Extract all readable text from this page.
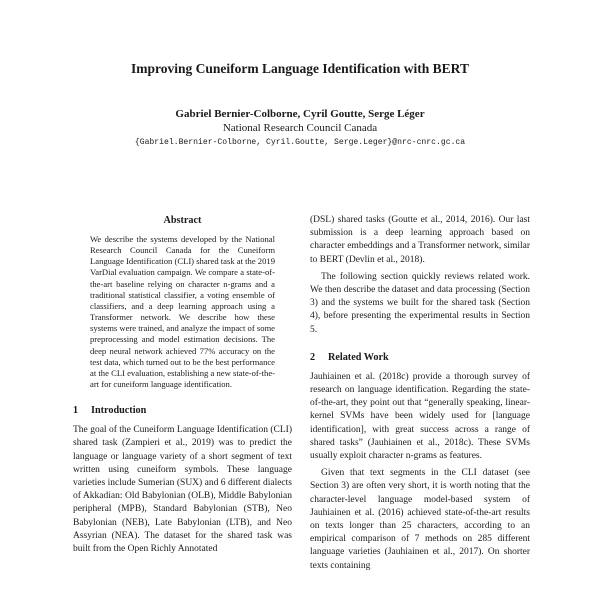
Improving Cuneiform Language Identification with BERT
Gabriel Bernier-Colborne, Cyril Goutte, Serge Léger
National Research Council Canada
{Gabriel.Bernier-Colborne, Cyril.Goutte, Serge.Leger}@nrc-cnrc.gc.ca
Abstract

We describe the systems developed by the National Research Council Canada for the Cuneiform Language Identification (CLI) shared task at the 2019 VarDial evaluation campaign. We compare a state-of-the-art baseline relying on character n-grams and a traditional statistical classifier, a voting ensemble of classifiers, and a deep learning approach using a Transformer network. We describe how these systems were trained, and analyze the impact of some preprocessing and model estimation decisions. The deep neural network achieved 77% accuracy on the test data, which turned out to be the best performance at the CLI evaluation, establishing a new state-of-the-art for cuneiform language identification.

1 Introduction

The goal of the Cuneiform Language Identification (CLI) shared task (Zampieri et al., 2019) was to predict the language or language variety of a short segment of text written using cuneiform symbols. These language varieties include Sumerian (SUX) and 6 different dialects of Akkadian: Old Babylonian (OLB), Middle Babylonian peripheral (MPB), Standard Babylonian (STB), Neo Babylonian (NEB), Late Babylonian (LTB), and Neo Assyrian (NEA). The dataset for the shared task was built from the Open Richly Annotated

(DSL) shared tasks (Goutte et al., 2014, 2016). Our last submission is a deep learning approach based on character embeddings and a Transformer network, similar to BERT (Devlin et al., 2018).

The following section quickly reviews related work. We then describe the dataset and data processing (Section 3) and the systems we built for the shared task (Section 4), before presenting the experimental results in Section 5.

2 Related Work

Jauhiainen et al. (2018c) provide a thorough survey of research on language identification. Regarding the state-of-the-art, they point out that “generally speaking, linear-kernel SVMs have been widely used for [language identification], with great success across a range of shared tasks” (Jauhiainen et al., 2018c). These SVMs usually exploit character n-grams as features.

Given that text segments in the CLI dataset (see Section 3) are often very short, it is worth noting that the character-level language model-based system of Jauhiainen et al. (2016) achieved state-of-the-art results on texts longer than 25 characters, according to an empirical comparison of 7 methods on 285 different language varieties (Jauhiainen et al., 2017). On shorter texts containing
